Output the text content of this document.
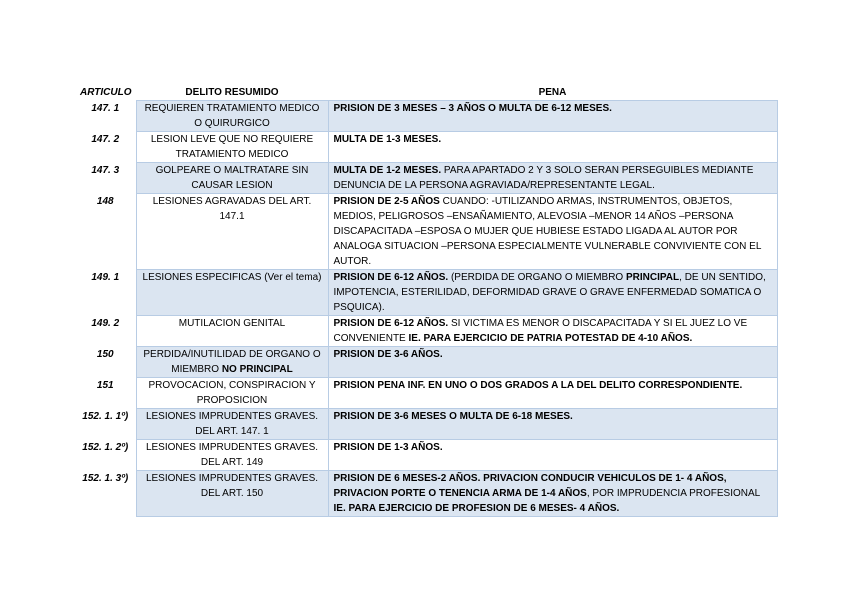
ARTICULO	DELITO RESUMIDO	PENA
147. 1	REQUIEREN TRATAMIENTO MEDICO O QUIRURGICO	PRISION DE 3 MESES – 3 AÑOS O MULTA DE 6-12 MESES.
147. 2	LESION LEVE QUE NO REQUIERE TRATAMIENTO MEDICO	MULTA DE 1-3 MESES.
147. 3	GOLPEARE O MALTRATARE SIN CAUSAR LESION	MULTA DE 1-2 MESES. PARA APARTADO 2 Y 3 SOLO SERAN PERSEGUIBLES MEDIANTE DENUNCIA DE LA PERSONA AGRAVIADA/REPRESENTANTE LEGAL.
148	LESIONES AGRAVADAS DEL ART. 147.1	PRISION DE 2-5 AÑOS CUANDO: -UTILIZANDO ARMAS, INSTRUMENTOS, OBJETOS, MEDIOS, PELIGROSOS –ENSAÑAMIENTO, ALEVOSIA –MENOR 14 AÑOS –PERSONA DISCAPACITADA –ESPOSA O MUJER QUE HUBIESE ESTADO LIGADA AL AUTOR POR ANALOGA SITUACION –PERSONA ESPECIALMENTE VULNERABLE CONVIVIENTE CON EL AUTOR.
149. 1	LESIONES ESPECIFICAS (Ver el tema)	PRISION DE 6-12 AÑOS. (PERDIDA DE ORGANO O MIEMBRO PRINCIPAL, DE UN SENTIDO, IMPOTENCIA, ESTERILIDAD, DEFORMIDAD GRAVE O GRAVE ENFERMEDAD SOMATICA O PSQUICA).
149. 2	MUTILACION GENITAL	PRISION DE 6-12 AÑOS. SI VICTIMA ES MENOR O DISCAPACITADA Y SI EL JUEZ LO VE CONVENIENTE IE. PARA EJERCICIO DE PATRIA POTESTAD DE 4-10 AÑOS.
150	PERDIDA/INUTILIDAD DE ORGANO O MIEMBRO NO PRINCIPAL	PRISION DE 3-6 AÑOS.
151	PROVOCACION, CONSPIRACION Y PROPOSICION	PRISION PENA INF. EN UNO O DOS GRADOS A LA DEL DELITO CORRESPONDIENTE.
152. 1. 1º)	LESIONES IMPRUDENTES GRAVES. DEL ART. 147. 1	PRISION DE 3-6 MESES O MULTA DE 6-18 MESES.
152. 1. 2º)	LESIONES IMPRUDENTES GRAVES. DEL ART. 149	PRISION DE 1-3 AÑOS.
152. 1. 3º)	LESIONES IMPRUDENTES GRAVES. DEL ART. 150	PRISION DE 6 MESES-2 AÑOS. PRIVACION CONDUCIR VEHICULOS DE 1- 4 AÑOS, PRIVACION PORTE O TENENCIA ARMA DE 1-4 AÑOS, POR IMPRUDENCIA PROFESIONAL IE. PARA EJERCICIO DE PROFESION DE 6 MESES- 4 AÑOS.
